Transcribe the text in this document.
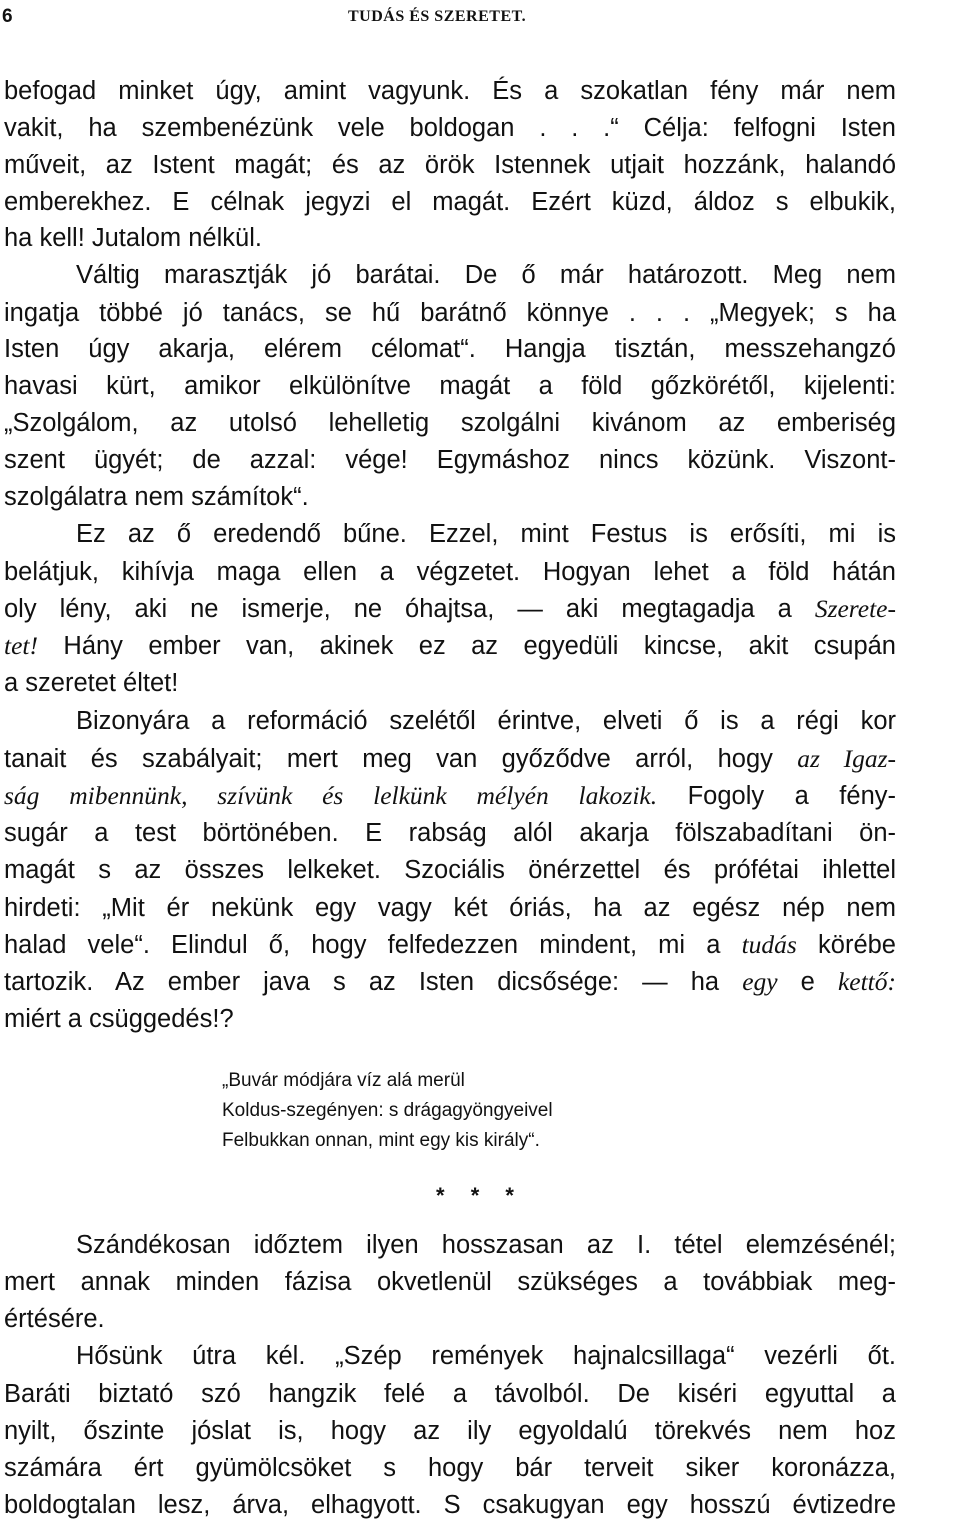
6	TUDÁS ÉS SZERETET.
befogad minket úgy, amint vagyunk. És a szokatlan fény már nem
vakit, ha szembenézünk vele boldogan . . .“ Célja: felfogni Isten
műveit, az Istent magát; és az örök Istennek utjait hozzánk, halandó
emberekhez. E célnak jegyzi el magát. Ezért küzd, áldoz s elbukik,
ha kell! Jutalom nélkül.
Váltig marasztják jó barátai. De ő már határozott. Meg nem
ingatja többé jó tanács, se hű barátnő könnye . . . „Megyek; s ha
Isten úgy akarja, elérem célomat“. Hangja tisztán, messzehangzó
havasi kürt, amikor elkülönítve magát a föld gőzkörétől, kijelenti:
„Szolgálom, az utolsó lehelletig szolgálni kivánom az emberiség
szent ügyét; de azzal: vége! Egymáshoz nincs közünk. Viszont-
szolgálatra nem számítok“.
Ez az ő eredendő bűne. Ezzel, mint Festus is erősíti, mi is
belátjuk, kihívja maga ellen a végzetet. Hogyan lehet a föld hátán
oly lény, aki ne ismerje, ne óhajtsa, — aki megtagadja a Szerete-
tet! Hány ember van, akinek ez az egyedüli kincse, akit csupán
a szeretet éltet!
Bizonyára a reformáció szelétől érintve, elveti ő is a régi kor
tanait és szabályait; mert meg van győződve arról, hogy az Igaz-
ság mibennünk, szívünk és lelkünk mélyén lakozik. Fogoly a fény-
sugár a test börtönében. E rabság alól akarja fölszabadítani ön-
magát s az összes lelkeket. Szociális önérzettel és prófétai ihlettel
hirdeti: „Mit ér nekünk egy vagy két óriás, ha az egész nép nem
halad vele“. Elindul ő, hogy felfedezzen mindent, mi a tudás körébe
tartozik. Az ember java s az Isten dicsősége: — ha egy e kettő:
miért a csüggedés!?
„Buvár módjára víz alá merül
Koldus-szegényen: s drágagyöngyeivel
Felbukkan onnan, mint egy kis király“.
* * *
Szándékosan időztem ilyen hosszasan az I. tétel elemzésénél;
mert annak minden fázisa okvetlenül szükséges a továbbiak meg-
értésére.
Hősünk útra kél. „Szép remények hajnalcsillaga“ vezérli őt.
Baráti biztató szó hangzik felé a távolból. De kiséri egyuttal a
nyilt, őszinte jóslat is, hogy az ily egyoldalú törekvés nem hoz
számára ért gyümölcsöket s hogy bár terveit siker koronázza,
boldogtalan lesz, árva, elhagyott. S csakugyan egy hosszú évtizedre
